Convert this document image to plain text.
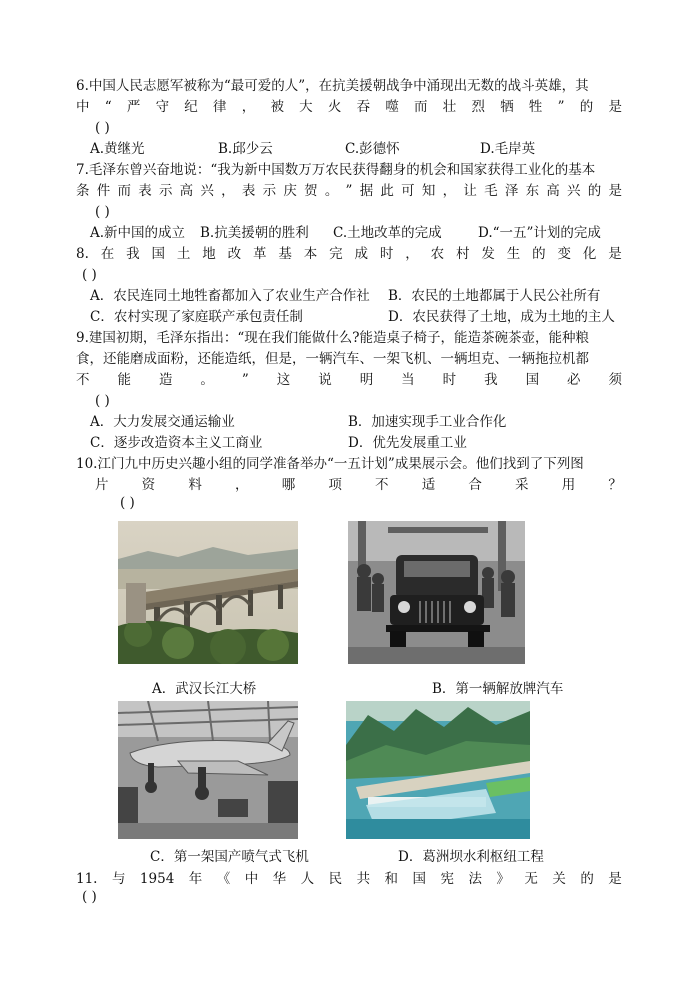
6.中国人民志愿军被称为“最可爱的人”，在抗美援朝战争中涌现出无数的战斗英雄，其
中 “ 严 守 纪 律 ， 被 大 火 吞 噬 而 壮 烈 牺 牲 ” 的 是
( )
A.黄继光	B.邱少云	C.彭德怀	D.毛岸英
7.毛泽东曾兴奋地说：“我为新中国数万万农民获得翻身的机会和国家获得工业化的基本
条 件 而 表 示 高 兴 ， 表 示 庆 贺 。 ” 据 此 可 知 ， 让 毛 泽 东 高 兴 的 是
( )
A.新中国的成立 B.抗美援朝的胜利 C.土地改革的完成	D.“一五”计划的完成
8. 在 我 国 土 地 改 革 基 本 完 成 时 ， 农 村 发 生 的 变 化 是
( )
A．农民连同土地牲畜都加入了农业生产合作社 B．农民的土地都属于人民公社所有
C．农村实现了家庭联产承包责任制	D．农民获得了土地，成为土地的主人
9.建国初期，毛泽东指出：“现在我们能做什么?能造桌子椅子，能造茶碗茶壶，能种粮
食，还能磨成面粉，还能造纸，但是，一辆汽车、一架飞机、一辆坦克、一辆拖拉机都
不 能 造 。 ” 这 说 明 当 时 我 国 必 须
( )
A．大力发展交通运输业	B．加速实现手工业合作化
C．逐步改造资本主义工商业	D．优先发展重工业
10.江门九中历史兴趣小组的同学准备举办“一五计划”成果展示会。他们找到了下列图
片 资 料 ， 哪 项 不 适 合 采 用 ？
( )
A．武汉长江大桥	B．第一辆解放牌汽车
C．第一架国产喷气式飞机	D．葛洲坝水利枢纽工程
11. 与 1954 年 《 中 华 人 民 共 和 国 宪 法 》 无 关 的 是
( )
